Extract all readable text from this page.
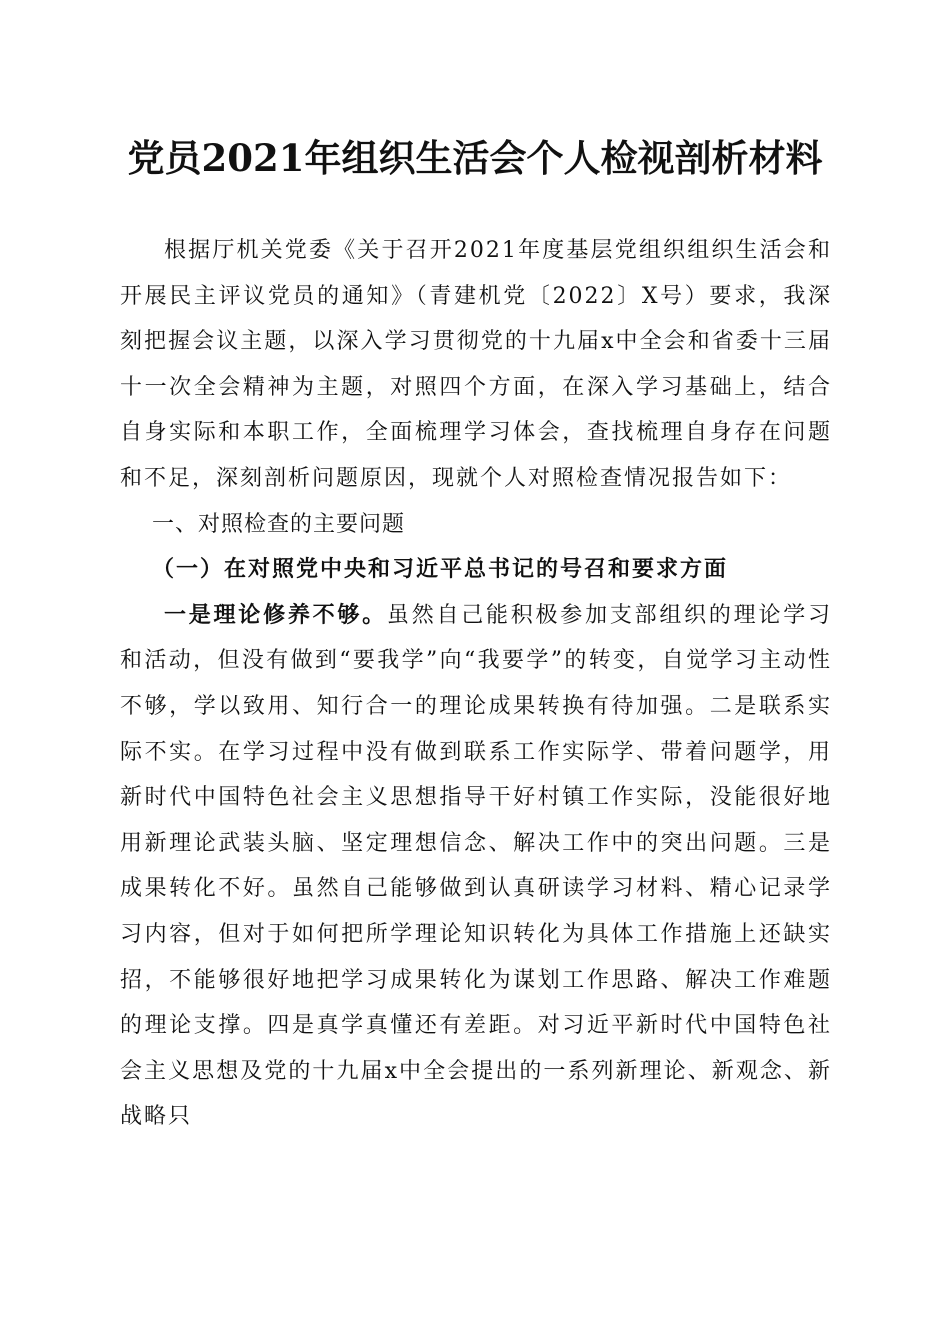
党员2021年组织生活会个人检视剖析材料

根据厅机关党委《关于召开2021年度基层党组织组织生活会和开展民主评议党员的通知》（青建机党〔2022〕X号）要求，我深刻把握会议主题，以深入学习贯彻党的十九届x中全会和省委十三届十一次全会精神为主题，对照四个方面，在深入学习基础上，结合自身实际和本职工作，全面梳理学习体会，查找梳理自身存在问题和不足，深刻剖析问题原因，现就个人对照检查情况报告如下：

一、对照检查的主要问题

（一）在对照党中央和习近平总书记的号召和要求方面

一是理论修养不够。虽然自己能积极参加支部组织的理论学习和活动，但没有做到“要我学”向“我要学”的转变，自觉学习主动性不够，学以致用、知行合一的理论成果转换有待加强。二是联系实际不实。在学习过程中没有做到联系工作实际学、带着问题学，用新时代中国特色社会主义思想指导干好村镇工作实际，没能很好地用新理论武装头脑、坚定理想信念、解决工作中的突出问题。三是成果转化不好。虽然自己能够做到认真研读学习材料、精心记录学习内容，但对于如何把所学理论知识转化为具体工作措施上还缺实招，不能够很好地把学习成果转化为谋划工作思路、解决工作难题的理论支撑。四是真学真懂还有差距。对习近平新时代中国特色社会主义思想及党的十九届x中全会提出的一系列新理论、新观念、新战略只
